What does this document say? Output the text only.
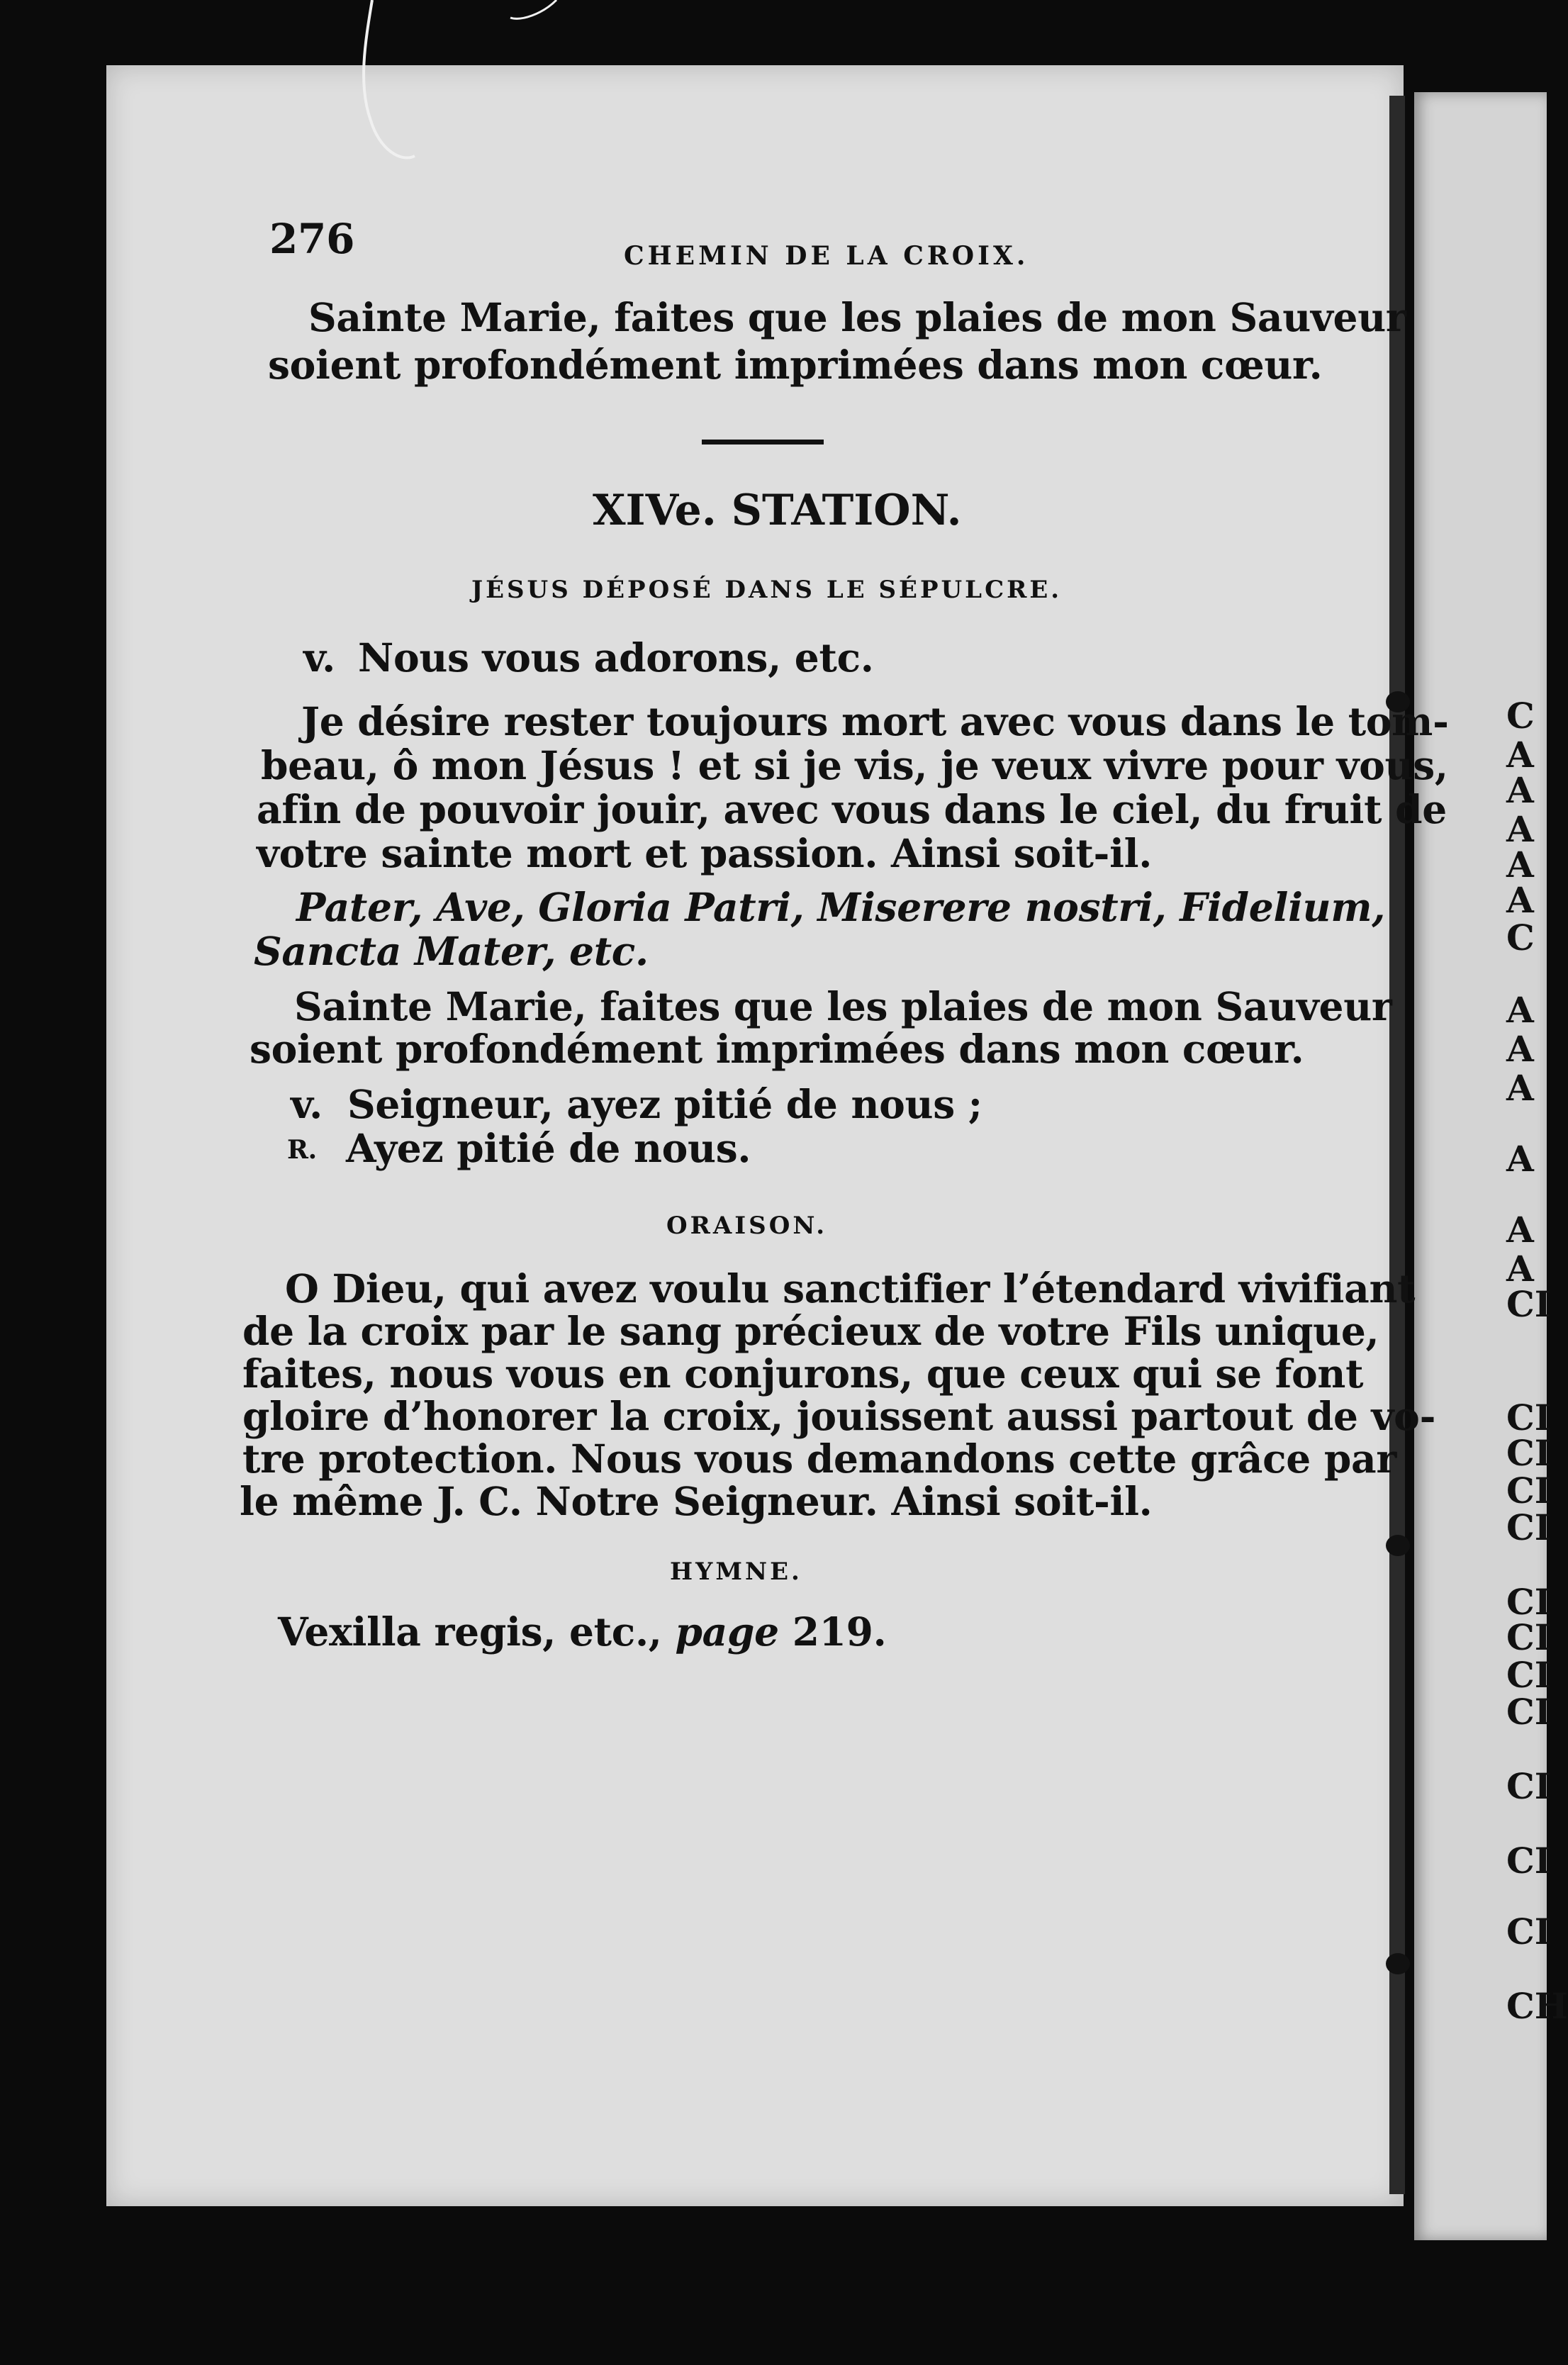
276	CHEMIN DE LA CROIX.
Sainte Marie, faites que les plaies de mon Sauveur
soient profondément imprimées dans mon cœur.
XIVe. STATION.
JÉSUS DÉPOSÉ DANS LE SÉPULCRE.
v. Nous vous adorons, etc.
Je désire rester toujours mort avec vous dans le tom-
beau, ô mon Jésus ! et si je vis, je veux vivre pour vous,
afin de pouvoir jouir, avec vous dans le ciel, du fruit de
votre sainte mort et passion. Ainsi soit-il.
Pater, Ave, Gloria Patri, Miserere nostri, Fidelium,
Sancta Mater, etc.
Sainte Marie, faites que les plaies de mon Sauveur
soient profondément imprimées dans mon cœur.
v. Seigneur, ayez pitié de nous ;
R. Ayez pitié de nous.
ORAISON.
O Dieu, qui avez voulu sanctifier l’étendard vivifiant
de la croix par le sang précieux de votre Fils unique,
faites, nous vous en conjurons, que ceux qui se font
gloire d’honorer la croix, jouissent aussi partout de vo-
tre protection. Nous vous demandons cette grâce par
le même J. C. Notre Seigneur. Ainsi soit-il.
HYMNE.
Vexilla regis, etc., page 219.
C
A
A
A
A
A
C
A
A
A
A
A
A
CI
CI
CI
CI
CI
CI
CI
CI
CI
CI
CI
CI
CH
